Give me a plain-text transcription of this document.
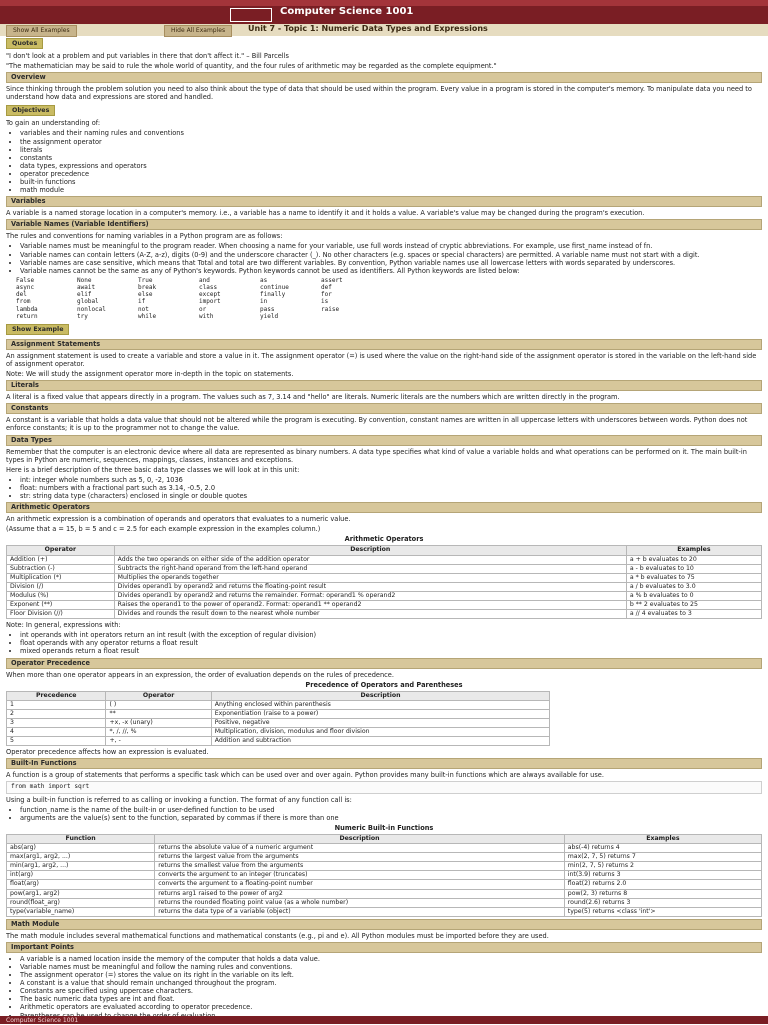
Computer Science 1001
Show All Examples	Hide All Examples	Unit 7 - Topic 1: Numeric Data Types and Expressions
Quotes

"I don't look at a problem and put variables in there that don't affect it." – Bill Parcells

"The mathematician may be said to rule the whole world of quantity, and the four rules of arithmetic may be regarded as the complete equipment."

Overview

Since thinking through the problem solution you need to also think about the type of data that should be used within the program. Every value in a program is stored in the computer's memory. To manipulate data you need to understand how data and expressions are stored and handled.

Objectives

To gain an understanding of:

• variables and their naming rules and conventions
• the assignment operator
• literals
• constants
• data types, expressions and operators
• operator precedence
• built-in functions
• math module
Variables

A variable is a named storage location in a computer's memory. i.e., a variable has a name to identify it and it holds a value. A variable's value may be changed during the program's execution.

Variable Names (Variable Identifiers)

The rules and conventions for naming variables in a Python program are as follows:

• Variable names must be meaningful to the program reader. When choosing a name for your variable, use full words instead of cryptic abbreviations. For example, use first_name instead of fn.
• Variable names can contain letters (A-Z, a-z), digits (0-9) and the underscore character (_). No other characters (e.g. spaces or special characters) are permitted. A variable name must not start with a digit.
• Variable names are case sensitive, which means that Total and total are two different variables. By convention, Python variable names use all lowercase letters with words separated by underscores.
• Variable names cannot be the same as any of Python's keywords. Python keywords cannot be used as identifiers. All Python keywords are listed below:
False	None	True	and	as	assert
async	await	break	class	continue	def
del	elif	else	except	finally	for
from	global	if	import	in	is
lambda	nonlocal	not	or	pass	raise
return	try	while	with	yield
Show Example
Assignment Statements

An assignment statement is used to create a variable and store a value in it. The assignment operator (=) is used where the value on the right-hand side of the assignment operator is stored in the variable on the left-hand side of assignment operator.

Note: We will study the assignment operator more in-depth in the topic on statements.

Literals

A literal is a fixed value that appears directly in a program. The values such as 7, 3.14 and "hello" are literals. Numeric literals are the numbers which are written directly in the program.

Constants

A constant is a variable that holds a data value that should not be altered while the program is executing. By convention, constant names are written in all uppercase letters with underscores between words. Python does not enforce constants; it is up to the programmer not to change the value.

Data Types

Remember that the computer is an electronic device where all data are represented as binary numbers. A data type specifies what kind of value a variable holds and what operations can be performed on it. The main built-in types in Python are numeric, sequences, mappings, classes, instances and exceptions.

Here is a brief description of the three basic data type classes we will look at in this unit:

• int: integer whole numbers such as 5, 0, -2, 1036
• float: numbers with a fractional part such as 3.14, -0.5, 2.0
• str: string data type (characters) enclosed in single or double quotes
Arithmetic Operators

An arithmetic expression is a combination of operands and operators that evaluates to a numeric value.

(Assume that a = 15, b = 5 and c = 2.5 for each example expression in the examples column.)

Arithmetic Operators
Operator	Description	Examples
Addition (+)	Adds the two operands on either side of the addition operator	a + b evaluates to 20
Subtraction (-)	Subtracts the right-hand operand from the left-hand operand	a - b evaluates to 10
Multiplication (*)	Multiplies the operands together	a * b evaluates to 75
Division (/)	Divides operand1 by operand2 and returns the floating-point result	a / b evaluates to 3.0
Modulus (%)	Divides operand1 by operand2 and returns the remainder. Format: operand1 % operand2	a % b evaluates to 0
Exponent (**)	Raises the operand1 to the power of operand2. Format: operand1 ** operand2	b ** 2 evaluates to 25
Floor Division (//)	Divides and rounds the result down to the nearest whole number	a // 4 evaluates to 3

Note: In general, expressions with:

• int operands with int operators return an int result (with the exception of regular division)
• float operands with any operator returns a float result
• mixed operands return a float result
Operator Precedence

When more than one operator appears in an expression, the order of evaluation depends on the rules of precedence.

Precedence of Operators and Parentheses
Precedence	Operator	Description
1	( )	Anything enclosed within parenthesis
2	**	Exponentiation (raise to a power)
3	+x, -x (unary)	Positive, negative
4	*, /, //, %	Multiplication, division, modulus and floor division
5	+, -	Addition and subtraction

Operator precedence affects how an expression is evaluated.

Built-In Functions

A function is a group of statements that performs a specific task which can be used over and over again. Python provides many built-in functions which are always available for use.

from math import sqrt

Using a built-in function is referred to as calling or invoking a function. The format of any function call is:

• function_name is the name of the built-in or user-defined function to be used
• arguments are the value(s) sent to the function, separated by commas if there is more than one
Numeric Built-in Functions
Function	Description	Examples
abs(arg)	returns the absolute value of a numeric argument	abs(-4) returns 4
max(arg1, arg2, ...)	returns the largest value from the arguments	max(2, 7, 5) returns 7
min(arg1, arg2, ...)	returns the smallest value from the arguments	min(2, 7, 5) returns 2
int(arg)	converts the argument to an integer (truncates)	int(3.9) returns 3
float(arg)	converts the argument to a floating-point number	float(2) returns 2.0
pow(arg1, arg2)	returns arg1 raised to the power of arg2	pow(2, 3) returns 8
round(float_arg)	returns the rounded floating point value (as a whole number)	round(2.6) returns 3
type(variable_name)	returns the data type of a variable (object)	type(5) returns <class 'int'>
Math Module

The math module includes several mathematical functions and mathematical constants (e.g., pi and e). All Python modules must be imported before they are used.

Important Points
• A variable is a named location inside the memory of the computer that holds a data value.
• Variable names must be meaningful and follow the naming rules and conventions.
• The assignment operator (=) stores the value on its right in the variable on its left.
• A constant is a value that should remain unchanged throughout the program.
• Constants are specified using uppercase characters.
• The basic numeric data types are int and float.
• Arithmetic operators are evaluated according to operator precedence.
• Parentheses can be used to change the order of evaluation.
•
Computer Science 1001
